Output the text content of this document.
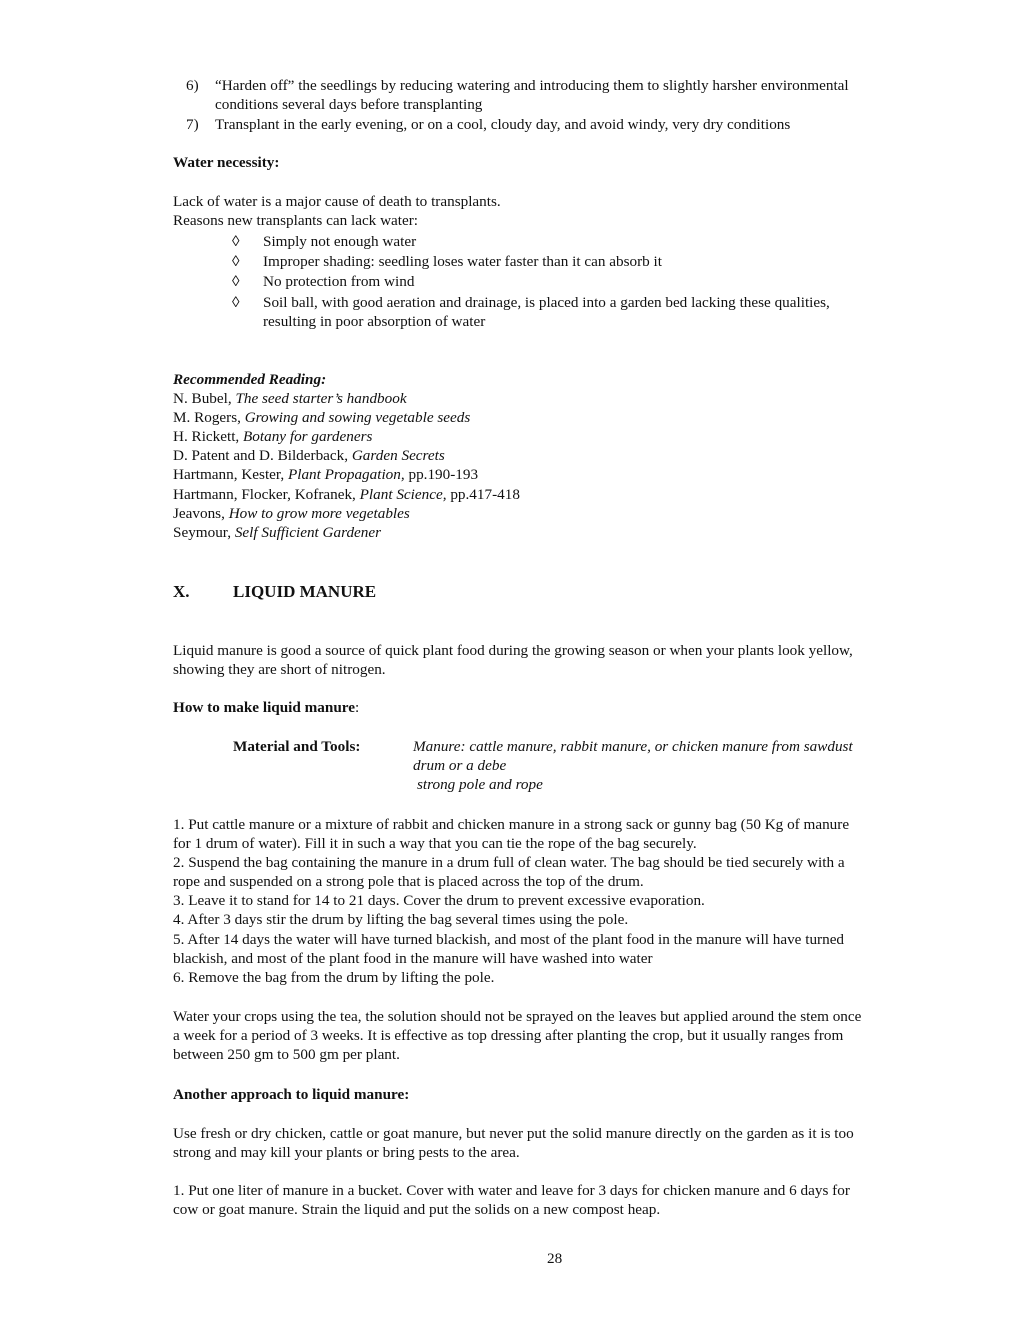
6) “Harden off” the seedlings by reducing watering and introducing them to slightly harsher environmental
conditions several days before transplanting
7) Transplant in the early evening, or on a cool, cloudy day, and avoid windy, very dry conditions
Water necessity:
Lack of water is a major cause of death to transplants.
Reasons new transplants can lack water:
◊ Simply not enough water
◊ Improper shading: seedling loses water faster than it can absorb it
◊ No protection from wind
◊ Soil ball, with good aeration and drainage, is placed into a garden bed lacking these qualities,
resulting in poor absorption of water
Recommended Reading:
N. Bubel, The seed starter’s handbook
M. Rogers, Growing and sowing vegetable seeds
H. Rickett, Botany for gardeners
D. Patent and D. Bilderback, Garden Secrets
Hartmann, Kester, Plant Propagation, pp.190-193
Hartmann, Flocker, Kofranek, Plant Science, pp.417-418
Jeavons, How to grow more vegetables
Seymour, Self Sufficient Gardener
X.	LIQUID MANURE
Liquid manure is good a source of quick plant food during the growing season or when your plants look yellow,
showing they are short of nitrogen.
How to make liquid manure:
Material and Tools:	Manure: cattle manure, rabbit manure, or chicken manure from sawdust
drum or a debe
strong pole and rope
1. Put cattle manure or a mixture of rabbit and chicken manure in a strong sack or gunny bag (50 Kg of manure
for 1 drum of water). Fill it in such a way that you can tie the rope of the bag securely.
2. Suspend the bag containing the manure in a drum full of clean water. The bag should be tied securely with a
rope and suspended on a strong pole that is placed across the top of the drum.
3. Leave it to stand for 14 to 21 days. Cover the drum to prevent excessive evaporation.
4. After 3 days stir the drum by lifting the bag several times using the pole.
5. After 14 days the water will have turned blackish, and most of the plant food in the manure will have turned
blackish, and most of the plant food in the manure will have washed into water
6. Remove the bag from the drum by lifting the pole.
Water your crops using the tea, the solution should not be sprayed on the leaves but applied around the stem once
a week for a period of 3 weeks. It is effective as top dressing after planting the crop, but it usually ranges from
between 250 gm to 500 gm per plant.
Another approach to liquid manure:
Use fresh or dry chicken, cattle or goat manure, but never put the solid manure directly on the garden as it is too
strong and may kill your plants or bring pests to the area.
1. Put one liter of manure in a bucket. Cover with water and leave for 3 days for chicken manure and 6 days for
cow or goat manure. Strain the liquid and put the solids on a new compost heap.
28
